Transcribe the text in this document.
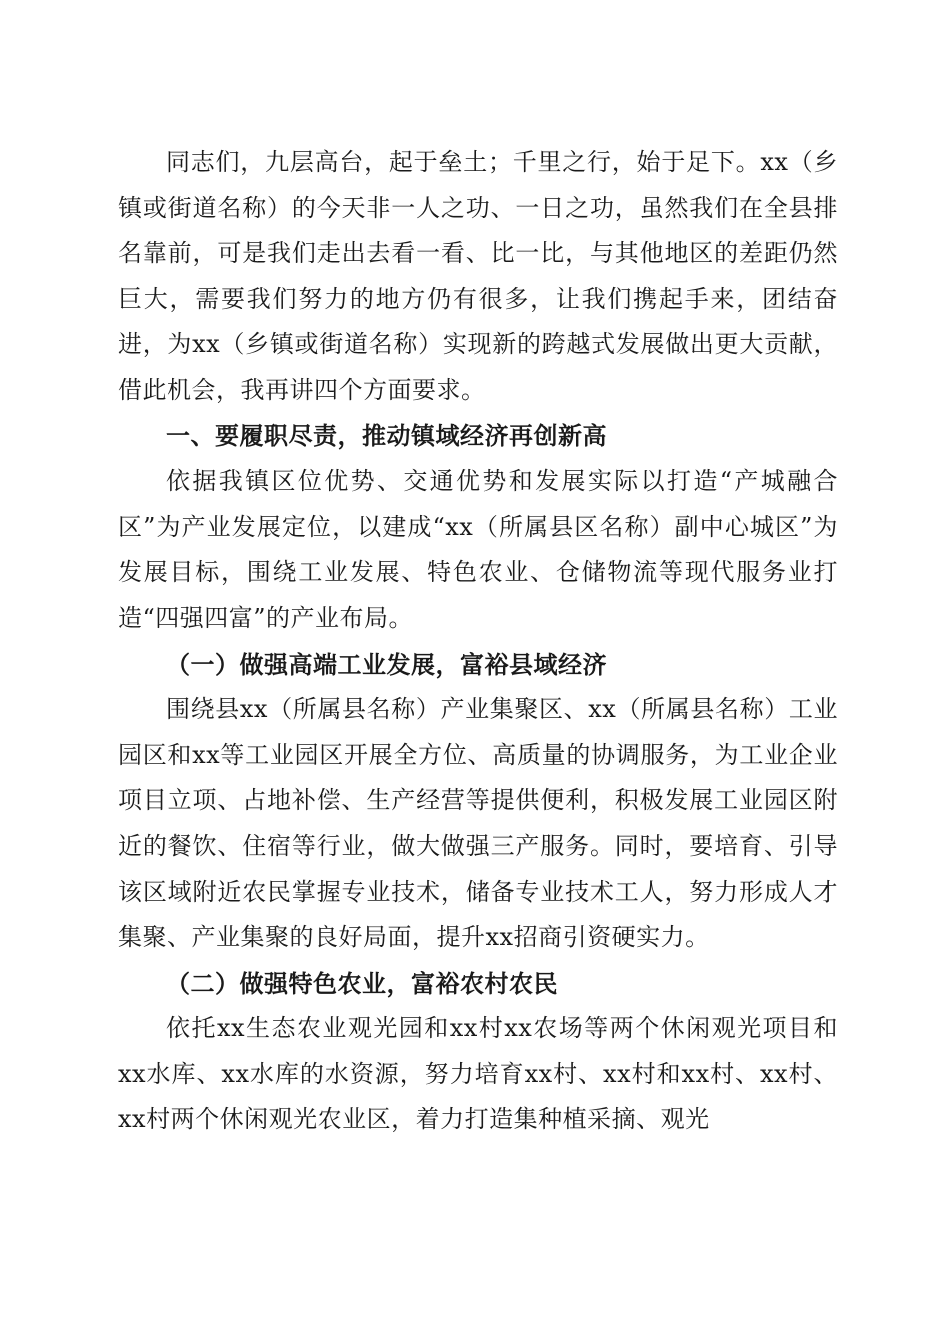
同志们，九层高台，起于垒土；千里之行，始于足下。xx（乡镇或街道名称）的今天非一人之功、一日之功，虽然我们在全县排名靠前，可是我们走出去看一看、比一比，与其他地区的差距仍然巨大，需要我们努力的地方仍有很多，让我们携起手来，团结奋进，为xx（乡镇或街道名称）实现新的跨越式发展做出更大贡献，借此机会，我再讲四个方面要求。

一、要履职尽责，推动镇域经济再创新高

依据我镇区位优势、交通优势和发展实际以打造“产城融合区”为产业发展定位，以建成“xx（所属县区名称）副中心城区”为发展目标，围绕工业发展、特色农业、仓储物流等现代服务业打造“四强四富”的产业布局。

（一）做强高端工业发展，富裕县域经济

围绕县xx（所属县名称）产业集聚区、xx（所属县名称）工业园区和xx等工业园区开展全方位、高质量的协调服务，为工业企业项目立项、占地补偿、生产经营等提供便利，积极发展工业园区附近的餐饮、住宿等行业，做大做强三产服务。同时，要培育、引导该区域附近农民掌握专业技术，储备专业技术工人，努力形成人才集聚、产业集聚的良好局面，提升xx招商引资硬实力。

（二）做强特色农业，富裕农村农民

依托xx生态农业观光园和xx村xx农场等两个休闲观光项目和xx水库、xx水库的水资源，努力培育xx村、xx村和xx村、xx村、xx村两个休闲观光农业区，着力打造集种植采摘、观光
